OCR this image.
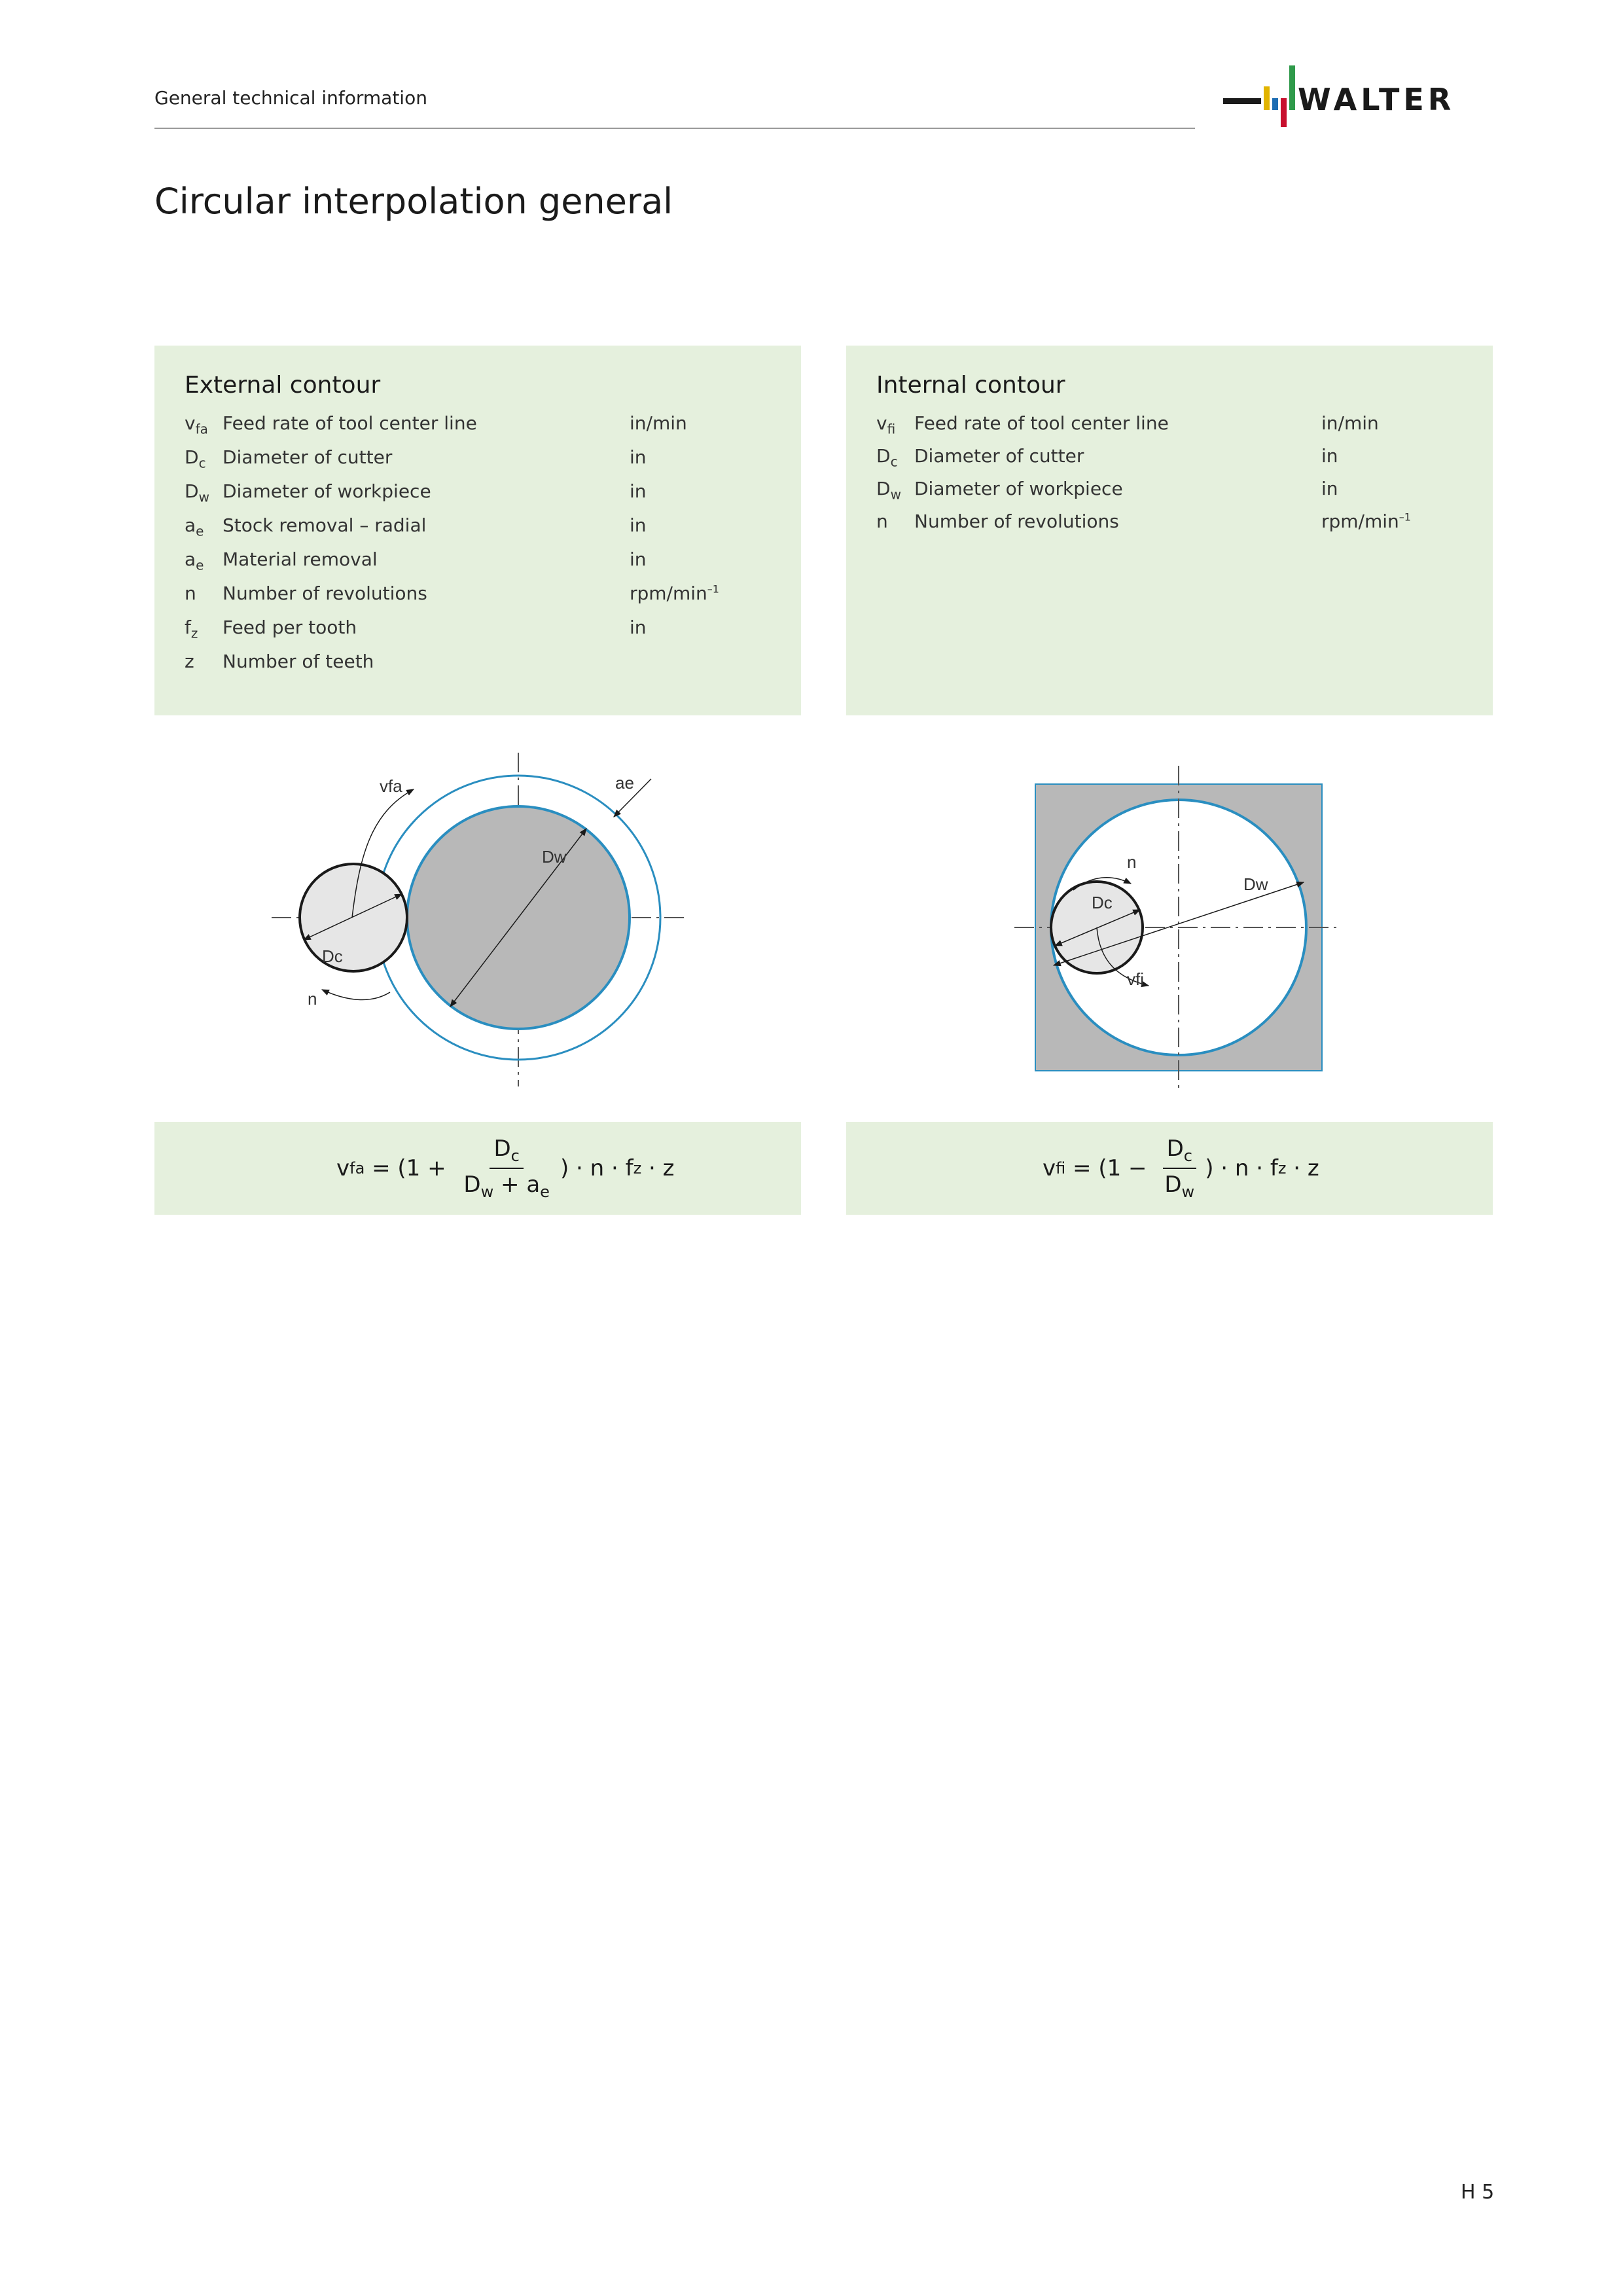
General technical information	WALTER
Circular interpolation general
External contour
$v_{fa}$ Feed rate of tool center line	in/min
$D_c$ Diameter of cutter	in
$D_w$ Diameter of workpiece	in
$a_e$ Stock removal – radial	in
$a_e$ Material removal	in
n Number of revolutions	rpm/$\min^{-1}$
$f_z$ Feed per tooth	in
z Number of teeth
Internal contour
$v_{fi}$ Feed rate of tool center line	in/min
$D_c$ Diameter of cutter	in
$D_w$ Diameter of workpiece	in
n Number of revolutions	rpm/$\min^{-1}$
vfa	ae
Dw
Dc
n
n
Dc
Dw
vfi
v fa = ($1 + \frac{D_c}{D_w + a_e}$ ) · n · f z · z	v fi = ($1 - \frac{D_c}{D_w}$ ) · n · f z · z
H 5
